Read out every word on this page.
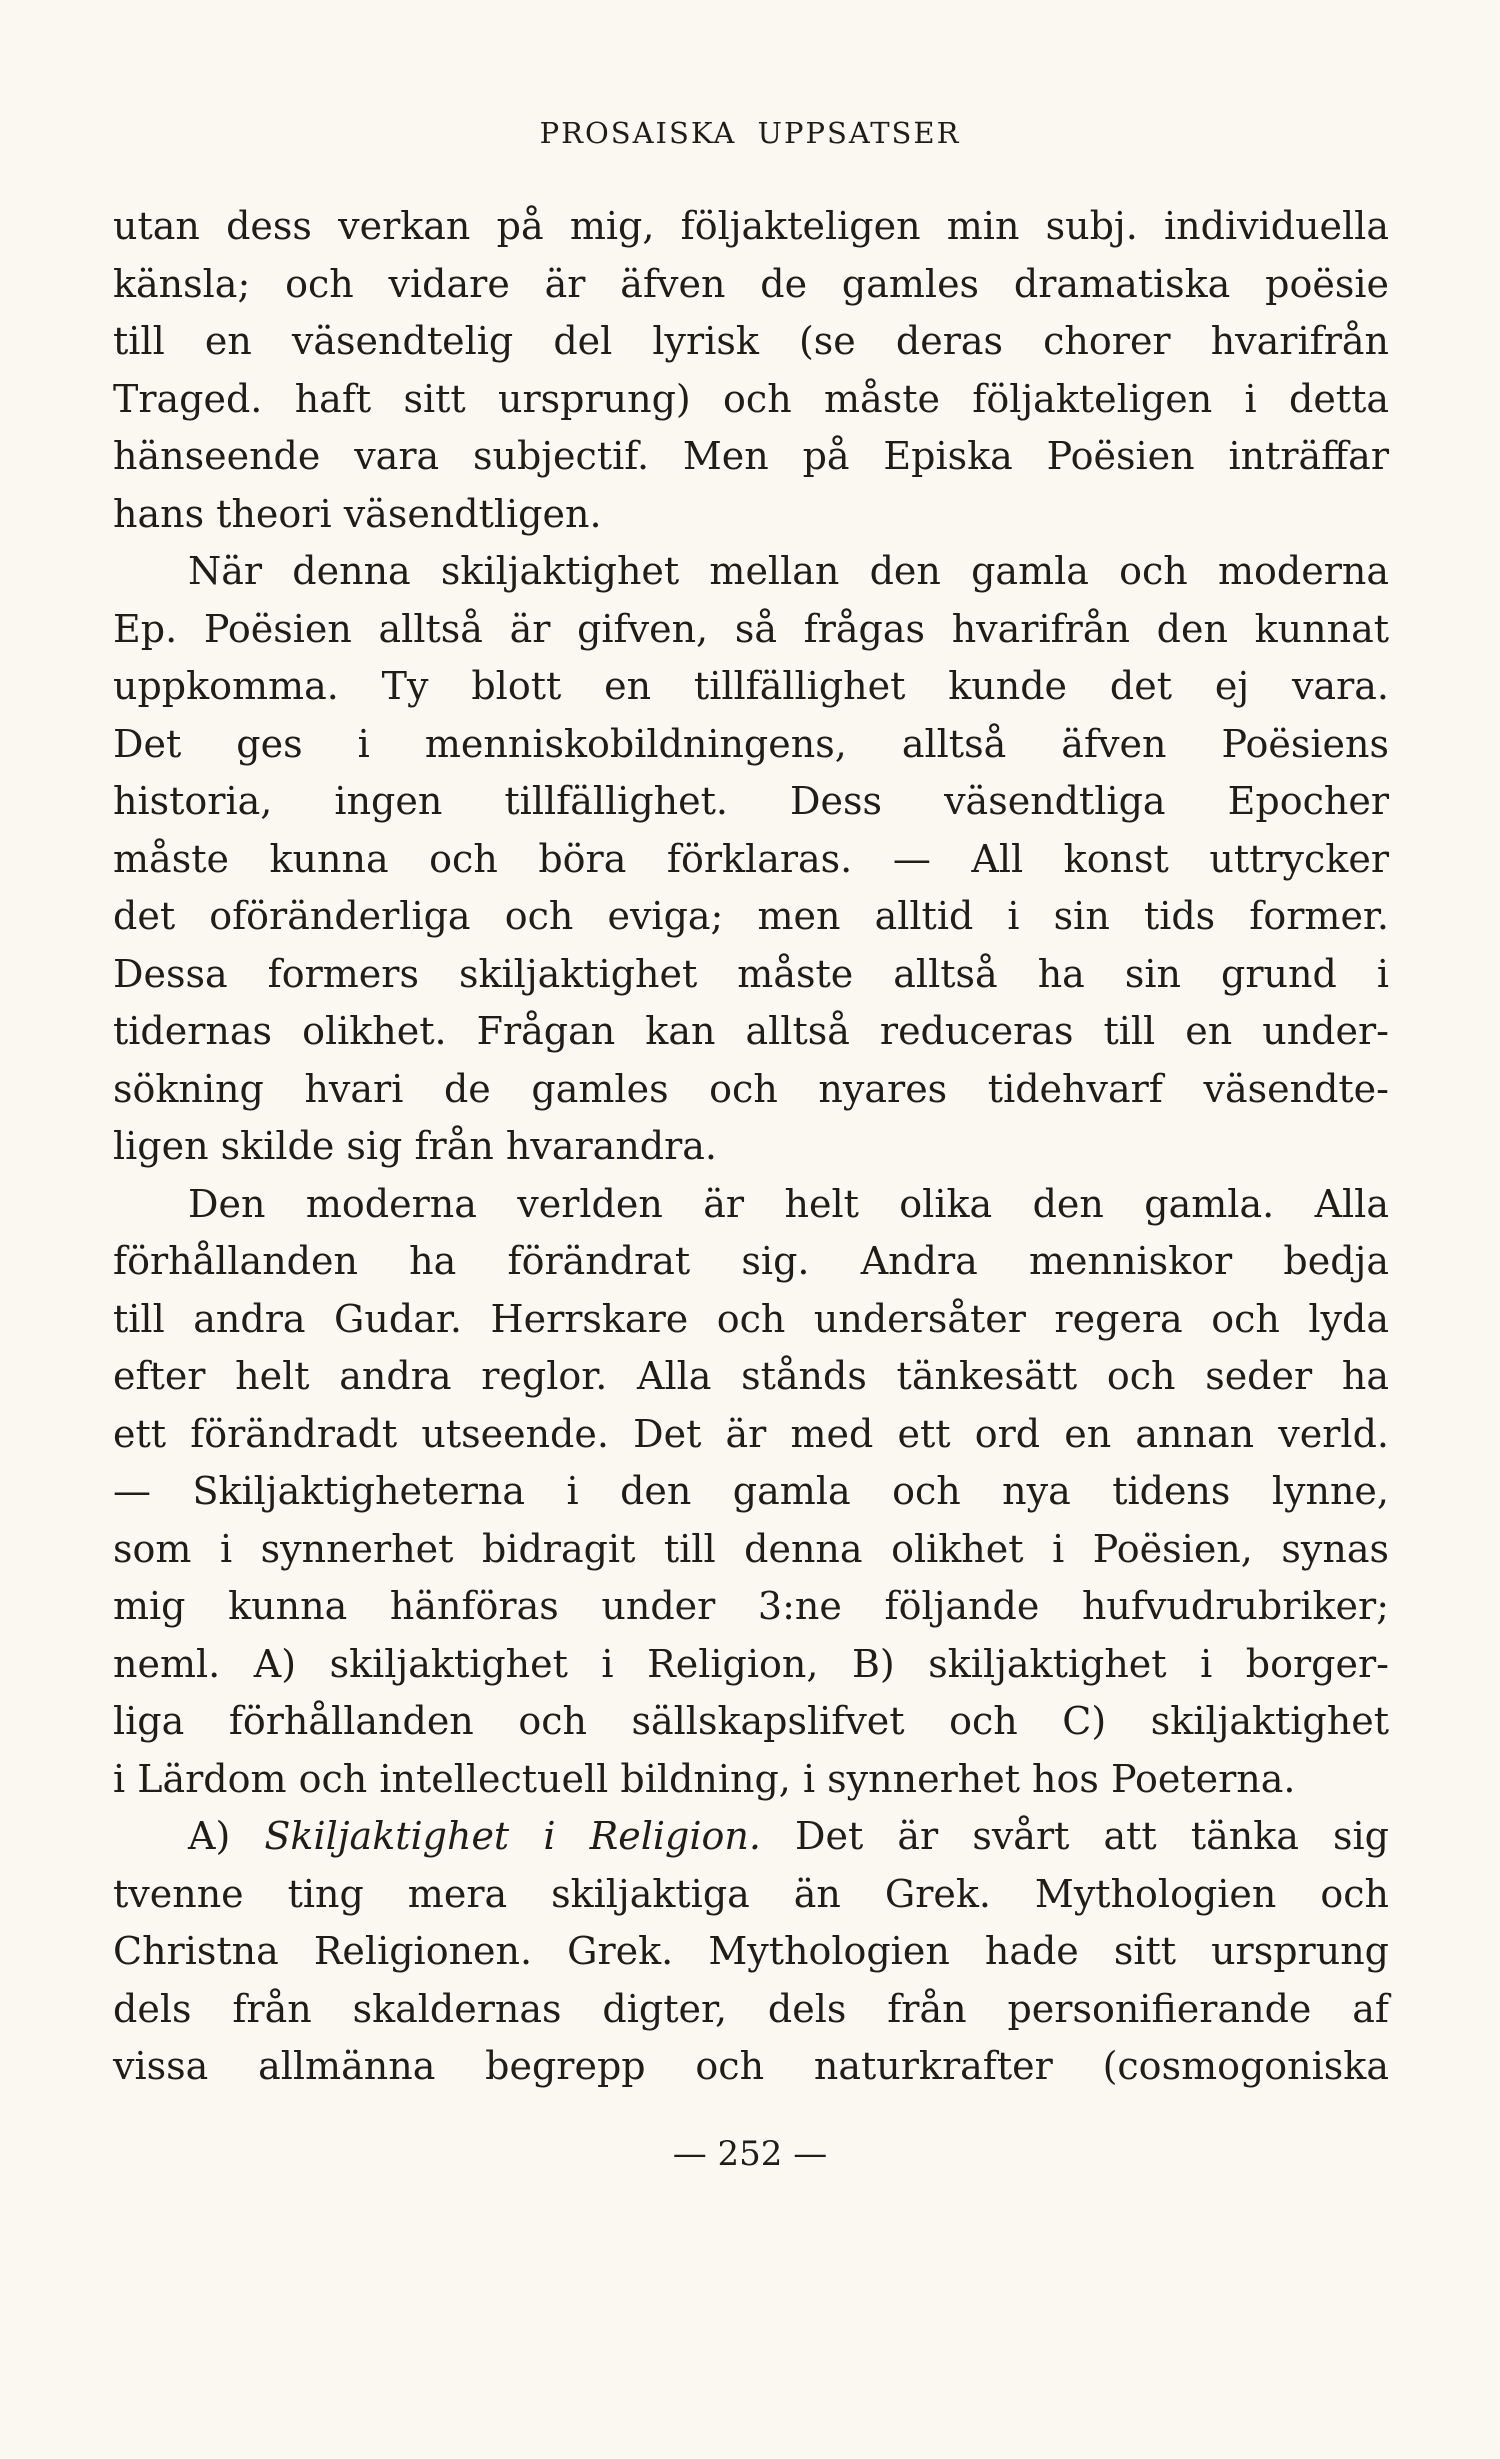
PROSAISKA UPPSATSER
utan dess verkan på mig, följakteligen min subj. individuella
känsla; och vidare är äfven de gamles dramatiska poësie
till en väsendtelig del lyrisk (se deras chorer hvarifrån
Traged. haft sitt ursprung) och måste följakteligen i detta
hänseende vara subjectif. Men på Episka Poësien inträffar
hans theori väsendtligen.
När denna skiljaktighet mellan den gamla och moderna
Ep. Poësien alltså är gifven, så frågas hvarifrån den kunnat
uppkomma. Ty blott en tillfällighet kunde det ej vara.
Det ges i menniskobildningens, alltså äfven Poësiens
historia, ingen tillfällighet. Dess väsendtliga Epocher
måste kunna och böra förklaras. — All konst uttrycker
det oföränderliga och eviga; men alltid i sin tids former.
Dessa formers skiljaktighet måste alltså ha sin grund i
tidernas olikhet. Frågan kan alltså reduceras till en under-
sökning hvari de gamles och nyares tidehvarf väsendte-
ligen skilde sig från hvarandra.
Den moderna verlden är helt olika den gamla. Alla
förhållanden ha förändrat sig. Andra menniskor bedja
till andra Gudar. Herrskare och undersåter regera och lyda
efter helt andra reglor. Alla stånds tänkesätt och seder ha
ett förändradt utseende. Det är med ett ord en annan verld.
— Skiljaktigheterna i den gamla och nya tidens lynne,
som i synnerhet bidragit till denna olikhet i Poësien, synas
mig kunna hänföras under 3:ne följande hufvudrubriker;
neml. A) skiljaktighet i Religion, B) skiljaktighet i borger-
liga förhållanden och sällskapslifvet och C) skiljaktighet
i Lärdom och intellectuell bildning, i synnerhet hos Poeterna.
A) Skiljaktighet i Religion. Det är svårt att tänka sig
tvenne ting mera skiljaktiga än Grek. Mythologien och
Christna Religionen. Grek. Mythologien hade sitt ursprung
dels från skaldernas digter, dels från personifierande af
vissa allmänna begrepp och naturkrafter (cosmogoniska
— 252 —
